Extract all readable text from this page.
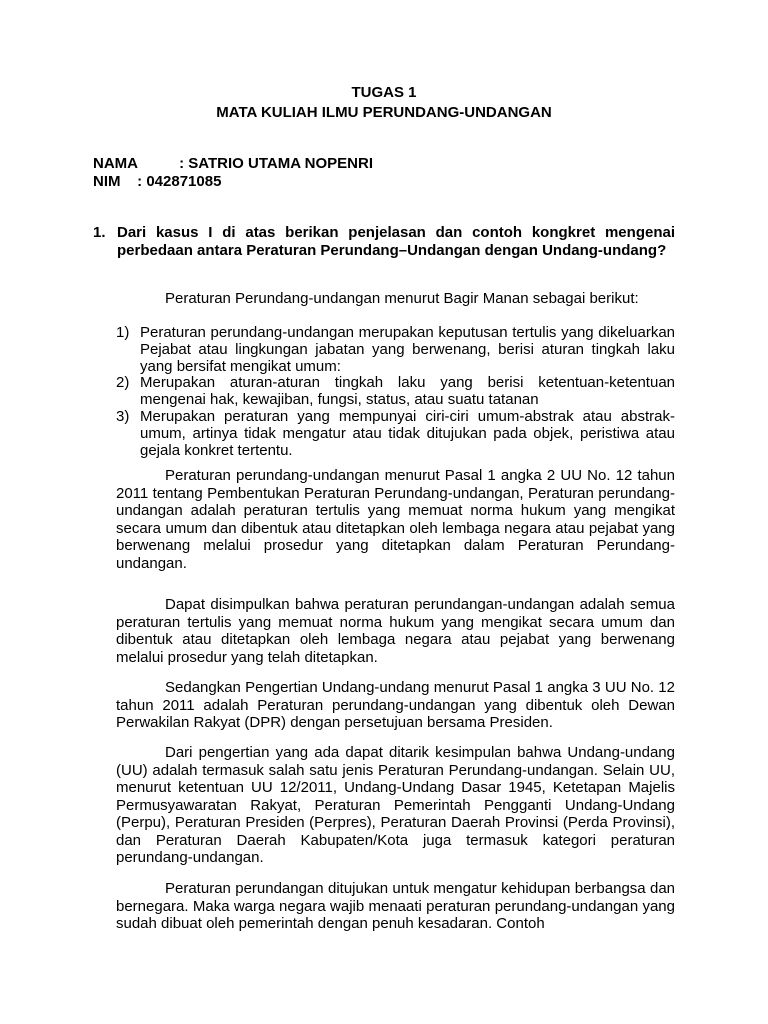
TUGAS 1

MATA KULIAH ILMU PERUNDANG-UNDANGAN

NAMA          : SATRIO UTAMA NOPENRI

NIM    : 042871085

1. Dari kasus I di atas berikan penjelasan dan contoh kongkret mengenai perbedaan antara Peraturan Perundang–Undangan dengan Undang-undang?

Peraturan Perundang-undangan menurut Bagir Manan sebagai berikut:

1) Peraturan perundang-undangan merupakan keputusan tertulis yang dikeluarkan Pejabat atau lingkungan jabatan yang berwenang, berisi aturan tingkah laku yang bersifat mengikat umum:
2) Merupakan aturan-aturan tingkah laku yang berisi ketentuan-ketentuan mengenai hak, kewajiban, fungsi, status, atau suatu tatanan
3) Merupakan peraturan yang mempunyai ciri-ciri umum-abstrak atau abstrak-umum, artinya tidak mengatur atau tidak ditujukan pada objek, peristiwa atau gejala konkret tertentu.

Peraturan perundang-undangan menurut Pasal 1 angka 2 UU No. 12 tahun 2011 tentang Pembentukan Peraturan Perundang-undangan, Peraturan perundang-undangan adalah peraturan tertulis yang memuat norma hukum yang mengikat secara umum dan dibentuk atau ditetapkan oleh lembaga negara atau pejabat yang berwenang melalui prosedur yang ditetapkan dalam Peraturan Perundang-undangan.

Dapat disimpulkan bahwa peraturan perundangan-undangan adalah semua peraturan tertulis yang memuat norma hukum yang mengikat secara umum dan dibentuk atau ditetapkan oleh lembaga negara atau pejabat yang berwenang melalui prosedur yang telah ditetapkan.

Sedangkan Pengertian Undang-undang menurut Pasal 1 angka 3 UU No. 12 tahun 2011 adalah Peraturan perundang-undangan yang dibentuk oleh Dewan Perwakilan Rakyat (DPR) dengan persetujuan bersama Presiden.

Dari pengertian yang ada dapat ditarik kesimpulan bahwa Undang-undang (UU) adalah termasuk salah satu jenis Peraturan Perundang-undangan. Selain UU, menurut ketentuan UU 12/2011, Undang-Undang Dasar 1945, Ketetapan Majelis Permusyawaratan Rakyat, Peraturan Pemerintah Pengganti Undang-Undang (Perpu), Peraturan Presiden (Perpres), Peraturan Daerah Provinsi (Perda Provinsi), dan Peraturan Daerah Kabupaten/Kota juga termasuk kategori peraturan perundang-undangan.

Peraturan perundangan ditujukan untuk mengatur kehidupan berbangsa dan bernegara. Maka warga negara wajib menaati peraturan perundang-undangan yang sudah dibuat oleh pemerintah dengan penuh kesadaran. Contoh
